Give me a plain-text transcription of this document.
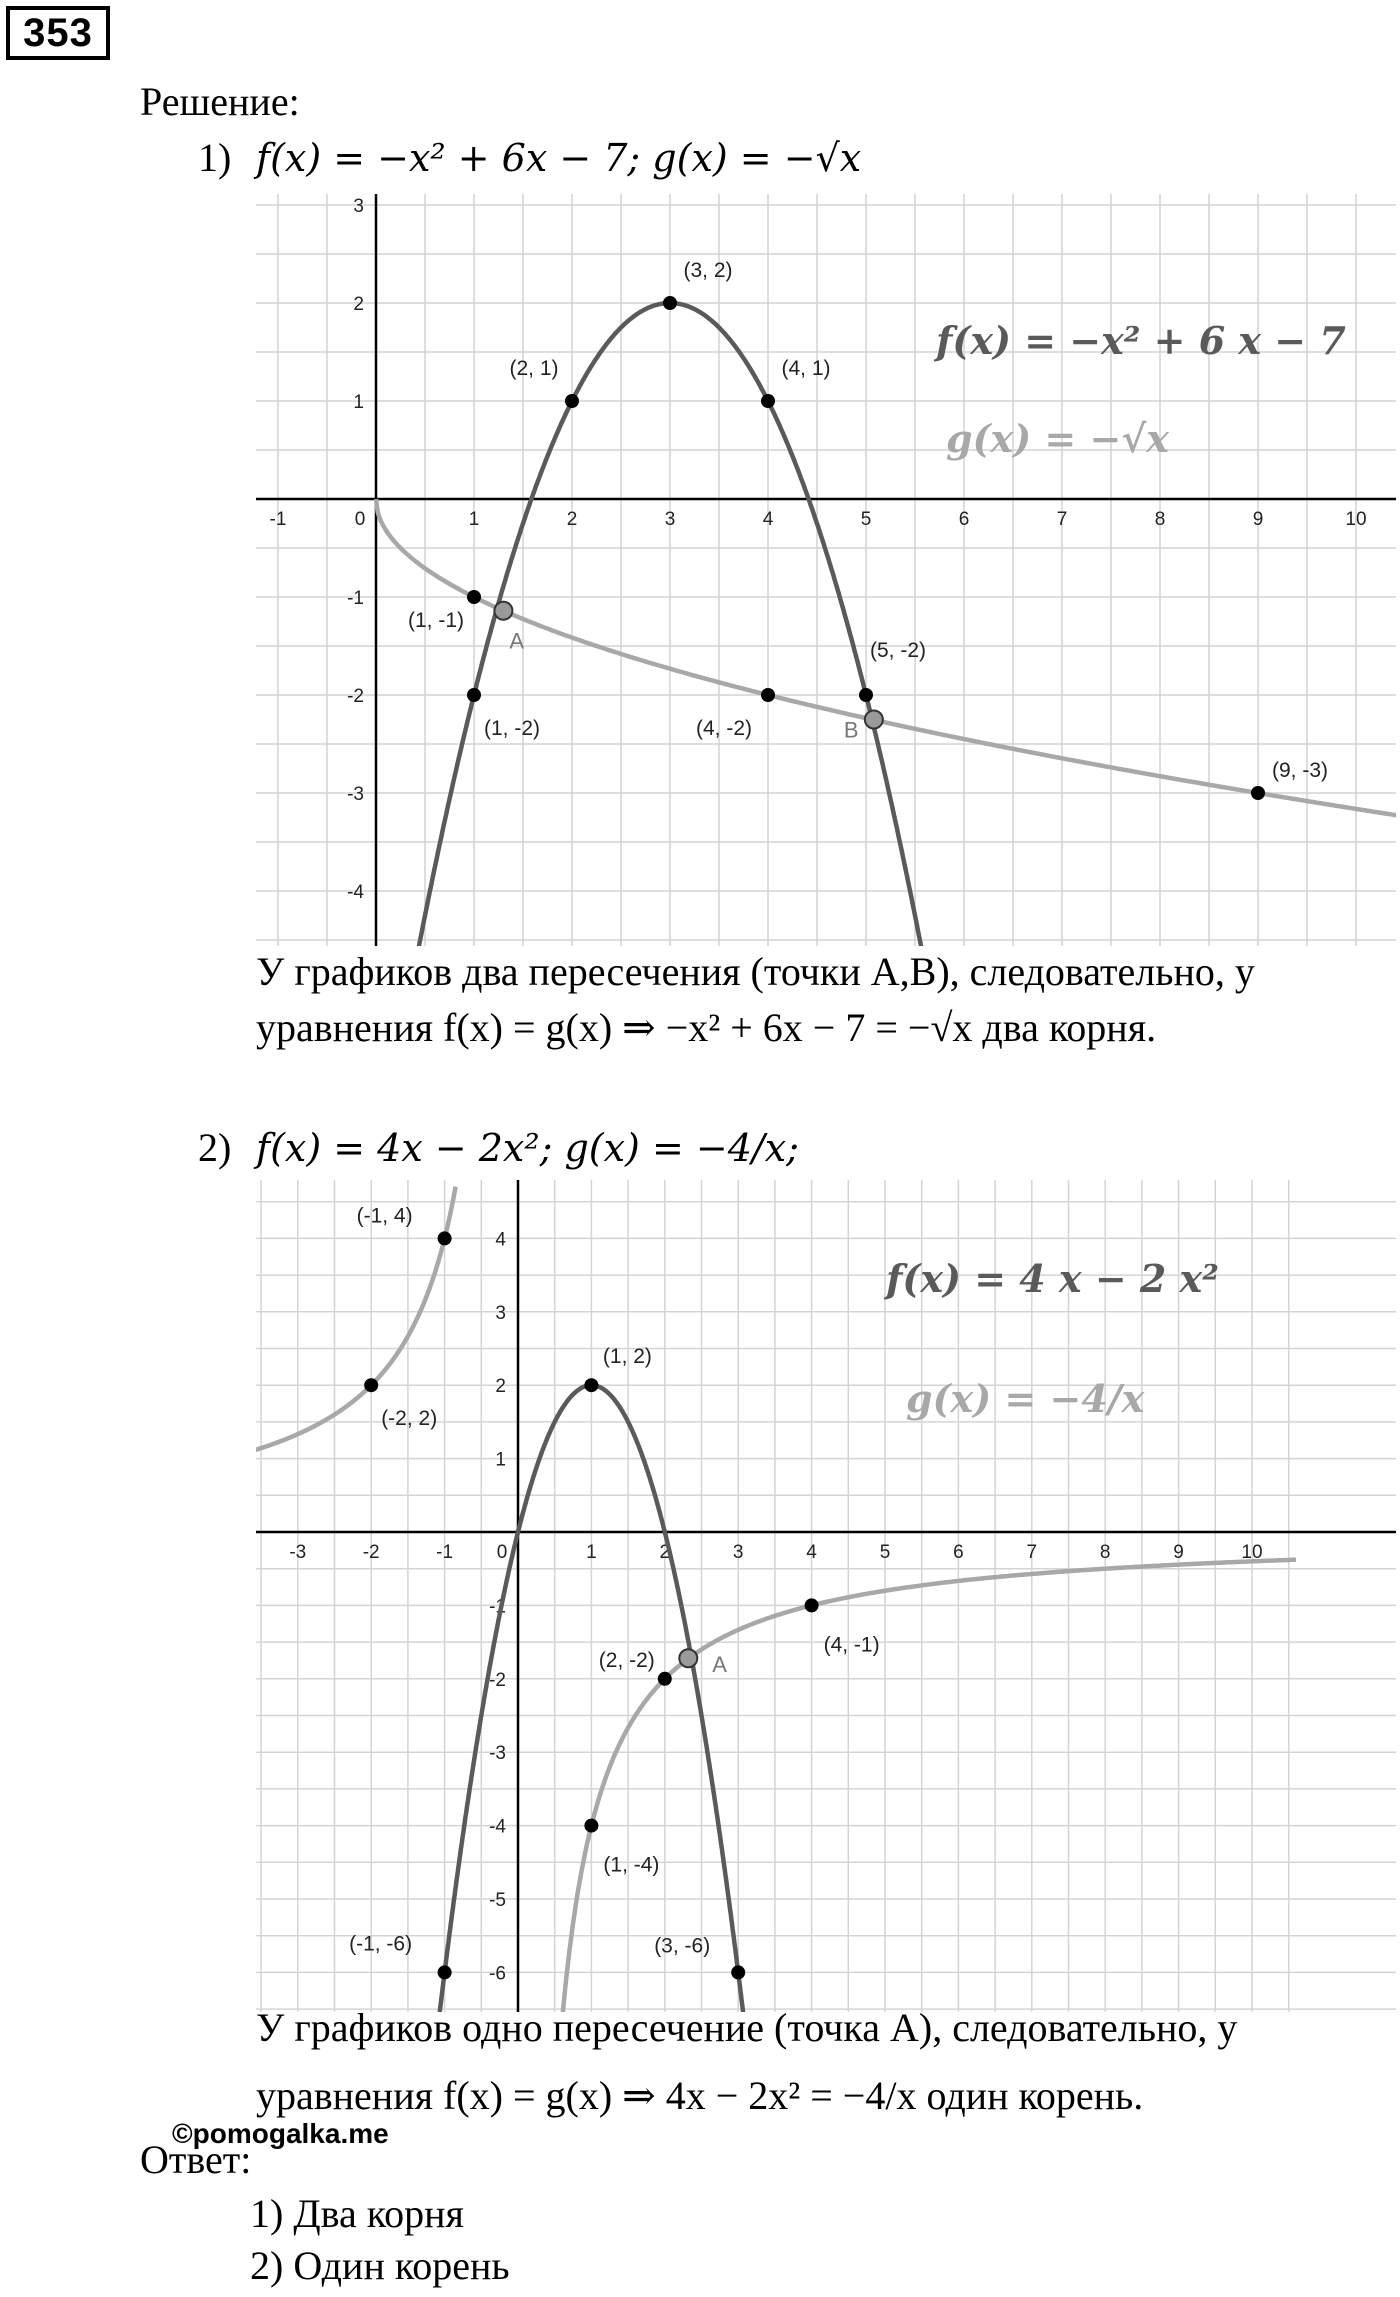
353
Решение:
1) f(x) = −x² + 6x − 7; g(x) = −√x
-1	0	1	2	3	4	5	6	7	8	9	10
-4
-3
-2
-1
1
2
3
(3, 2)
(2, 1)	(4, 1)
(1, -1)
(1, -2)	(4, -2)
(5, -2)
(9, -3)
A
B
f(x) = −x² + 6 x − 7
g(x) = −√x
У графиков два пересечения (точки A,B), следовательно, у
уравнения f(x) = g(x) ⇒ −x² + 6x − 7 = −√x два корня.
2) f(x) = 4x − 2x²; g(x) = −4/x;
-3	-2	-1 0	1	2	3	4	5	6	7	8	9	10
-6
-5
-4
-3
-2
-1
1
2
3
4
(-1, 4)
(-2, 2)
(1, 2)
(4, -1)
(2, -2)
(1, -4)
(-1, -6)	(3, -6)
A
f(x) = 4 x − 2 x²
g(x) = −4/x
У графиков одно пересечение (точка A), следовательно, у
уравнения f(x) = g(x) ⇒ 4x − 2x² = −4/x один корень.
©pomogalka.me
Ответ:
1) Два корня
2) Один корень
